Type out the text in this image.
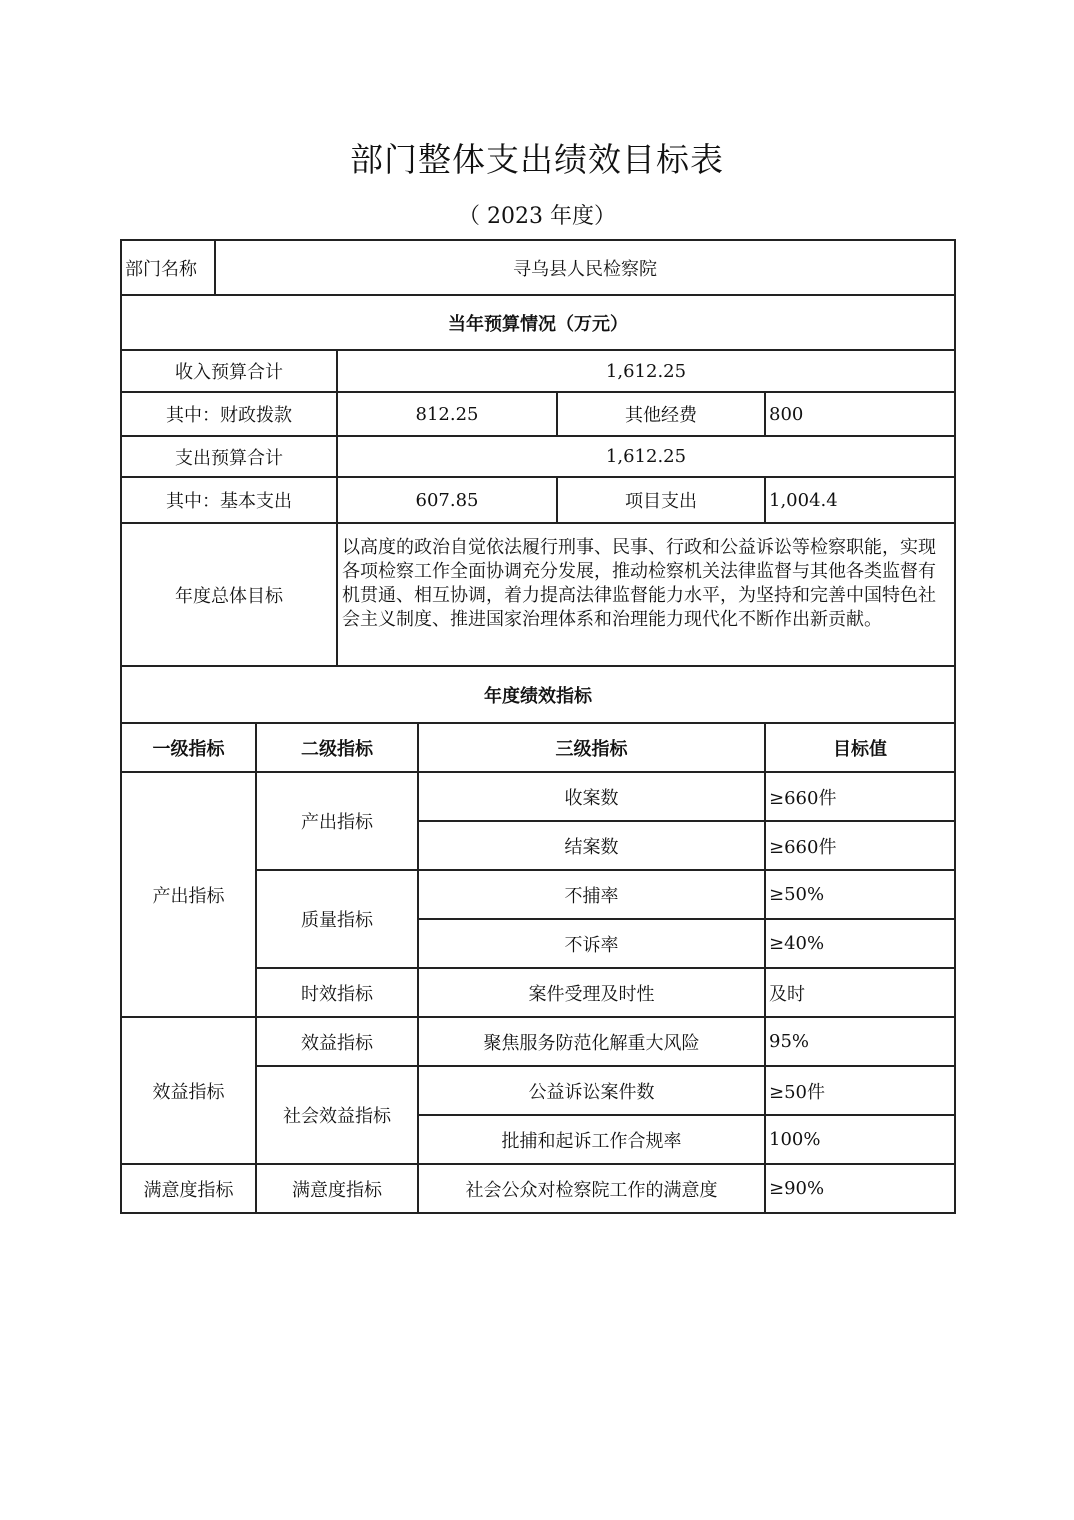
部门整体支出绩效目标表
（ 2023 年度）
部门名称	寻乌县人民检察院			
当年预算情况（万元）				
收入预算合计		1,612.25		
其中：财政拨款		812.25	其他经费	800
支出预算合计		1,612.25		
其中：基本支出		607.85	项目支出	1,004.4
年度总体目标		以高度的政治自觉依法履行刑事、民事、行政和公益诉讼等检察职能，实现各项检察工作全面协调充分发展，推动检察机关法律监督与其他各类监督有机贯通、相互协调，着力提高法律监督能力水平，为坚持和完善中国特色社会主义制度、推进国家治理体系和治理能力现代化不断作出新贡献。		
年度绩效指标				
一级指标	二级指标	三级指标	目标值
产出指标	产出指标	收案数	≥660件
		结案数	≥660件
	质量指标	不捕率	≥50%
		不诉率	≥40%
	时效指标	案件受理及时性	及时
效益指标	效益指标	聚焦服务防范化解重大风险	95%
	社会效益指标	公益诉讼案件数	≥50件
		批捕和起诉工作合规率	100%
满意度指标	满意度指标	社会公众对检察院工作的满意度	≥90%
